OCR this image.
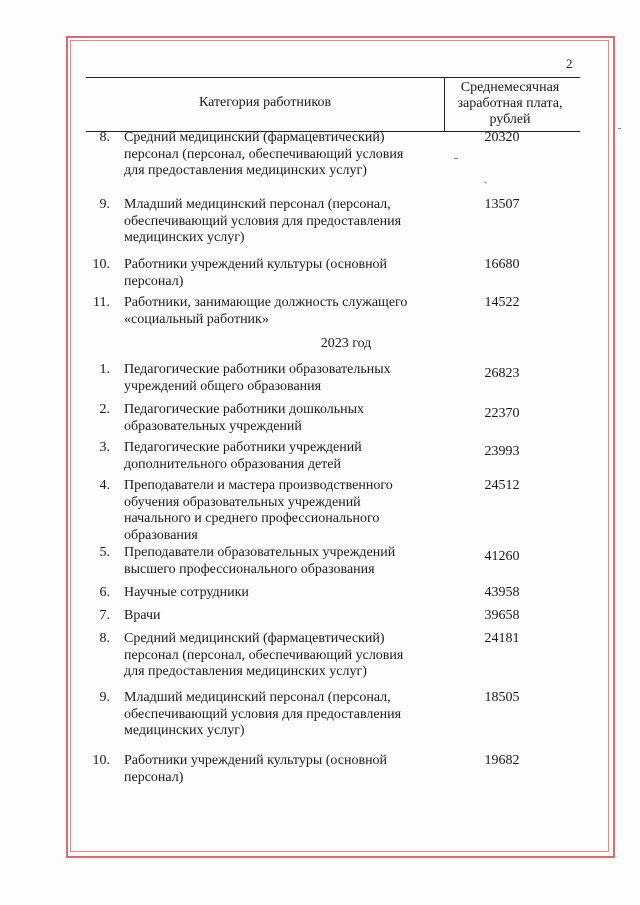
2
Категория работников
Среднемесячная
заработная плата,
рублей
8. Средний медицинский (фармацевтический)
персонал (персонал, обеспечивающий условия
для предоставления медицинских услуг)
20320
9. Младший медицинский персонал (персонал,
обеспечивающий условия для предоставления
медицинских услуг)
13507
10. Работники учреждений культуры (основной
персонал)
16680
11. Работники, занимающие должность служащего
«социальный работник»
14522
2023 год
1. Педагогические работники образовательных
учреждений общего образования
26823
2. Педагогические работники дошкольных
образовательных учреждений
22370
3. Педагогические работники учреждений
дополнительного образования детей
23993
4. Преподаватели и мастера производственного
обучения образовательных учреждений
начального и среднего профессионального
образования
24512
5. Преподаватели образовательных учреждений
высшего профессионального образования
41260
6. Научные сотрудники	43958
7. Врачи	39658
8. Средний медицинский (фармацевтический)
персонал (персонал, обеспечивающий условия
для предоставления медицинских услуг)
24181
9. Младший медицинский персонал (персонал,
обеспечивающий условия для предоставления
медицинских услуг)
18505
10. Работники учреждений культуры (основной
персонал)
19682
